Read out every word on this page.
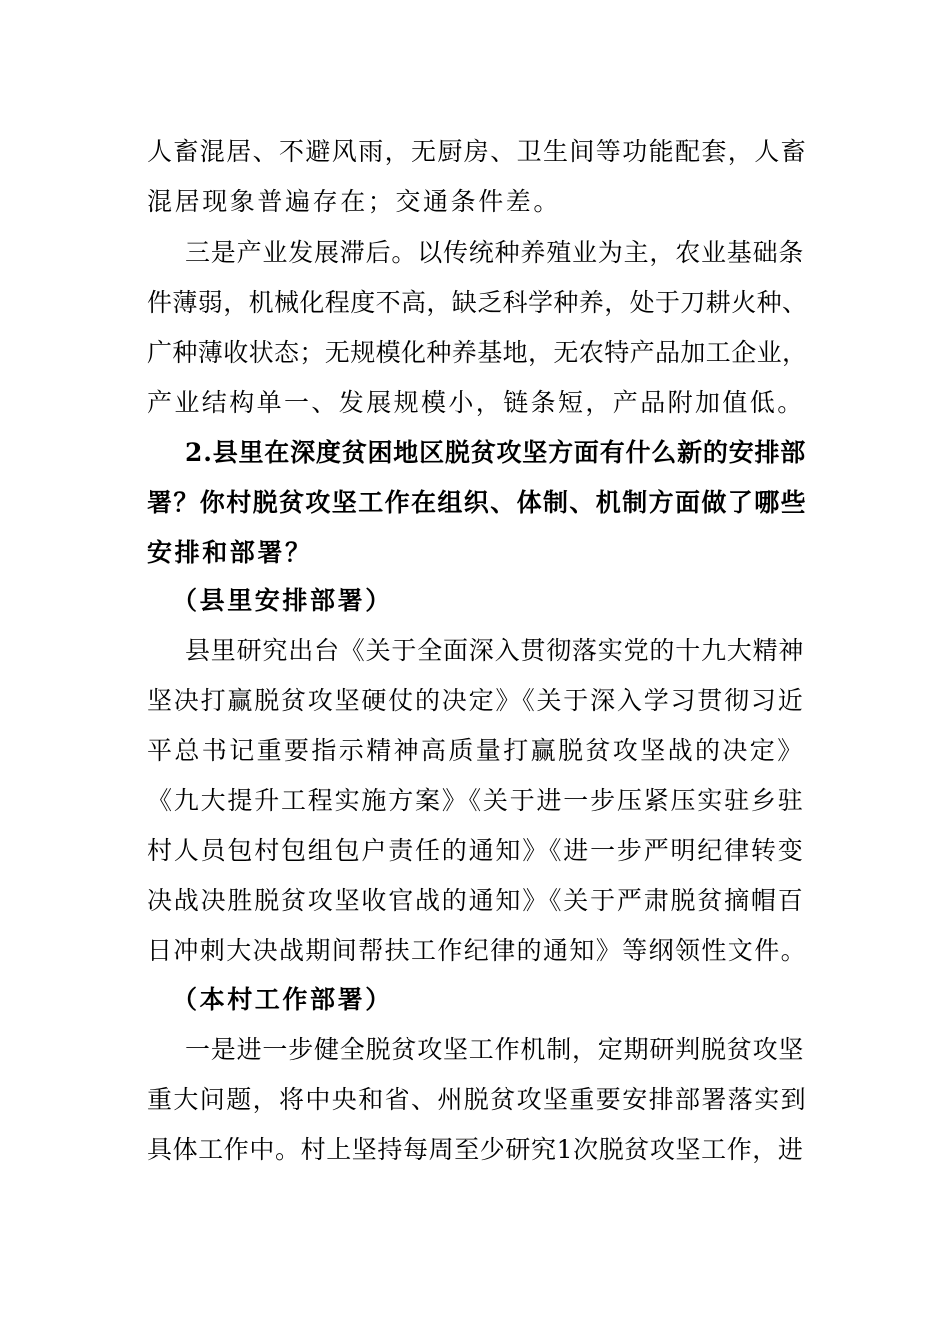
人畜混居、不避风雨，无厨房、卫生间等功能配套，人畜
混居现象普遍存在；交通条件差。
三是产业发展滞后。以传统种养殖业为主，农业基础条
件薄弱，机械化程度不高，缺乏科学种养，处于刀耕火种、
广种薄收状态；无规模化种养基地，无农特产品加工企业，
产业结构单一、发展规模小，链条短，产品附加值低。
2.县里在深度贫困地区脱贫攻坚方面有什么新的安排部
署？你村脱贫攻坚工作在组织、体制、机制方面做了哪些
安排和部署？
（县里安排部署）
县里研究出台《关于全面深入贯彻落实党的十九大精神
坚决打赢脱贫攻坚硬仗的决定》《关于深入学习贯彻习近
平总书记重要指示精神高质量打赢脱贫攻坚战的决定》
《九大提升工程实施方案》《关于进一步压紧压实驻乡驻
村人员包村包组包户责任的通知》《进一步严明纪律转变
决战决胜脱贫攻坚收官战的通知》《关于严肃脱贫摘帽百
日冲刺大决战期间帮扶工作纪律的通知》等纲领性文件。
（本村工作部署）
一是进一步健全脱贫攻坚工作机制，定期研判脱贫攻坚
重大问题，将中央和省、州脱贫攻坚重要安排部署落实到
具体工作中。村上坚持每周至少研究1次脱贫攻坚工作，进
